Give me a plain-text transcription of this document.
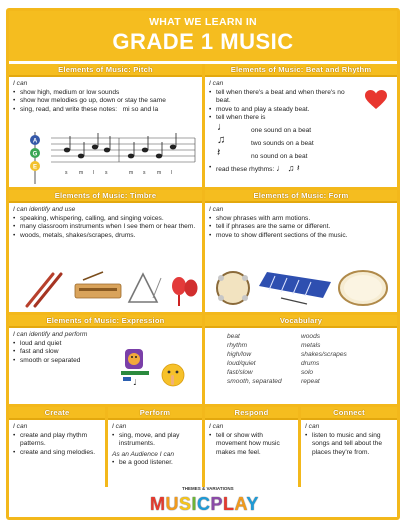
WHAT WE LEARN IN
GRADE 1 MUSIC
Elements of Music: Pitch
I can
• show high, medium or low sounds
• show how melodies go up, down or stay the same
• sing, read, and write these notes: mi so and la
A
G
E
s m l s	m s m l
Elements of Music: Beat and Rhythm
I can
• tell when there's a beat and when there's no beat.
• move to and play a steady beat.
• tell when there is
♩	one sound on a beat
♫	two sounds on a beat
𝄽	no sound on a beat
• read these rhythms: ♩ ♫ 𝄽
Elements of Music: Timbre
I can identify and use
• speaking, whispering, calling, and singing voices.
• many classroom instruments when I see them or hear them.
• woods, metals, shakes/scrapes, drums.
Elements of Music: Form
I can
• show phrases with arm motions.
• tell if phrases are the same or different.
• move to show different sections of the music.
Elements of Music: Expression
I can identify and perform
• loud and quiet
• fast and slow
• smooth or separated
♩
Vocabulary
beat
rhythm
high/low
loud/quiet
fast/slow
smooth, separated
woods
metals
shakes/scrapes
drums
solo
repeat
Create
I can
• create and play rhythm patterns.
• create and sing melodies.
Perform
I can
• sing, move, and play instruments.
As an Audience I can
• be a good listener.
Respond
I can
• tell or show with movement how music makes me feel.
Connect
I can
• listen to music and sing songs and tell about the places they're from.
THEMES & VARIATIONS
MUSICPLAY
